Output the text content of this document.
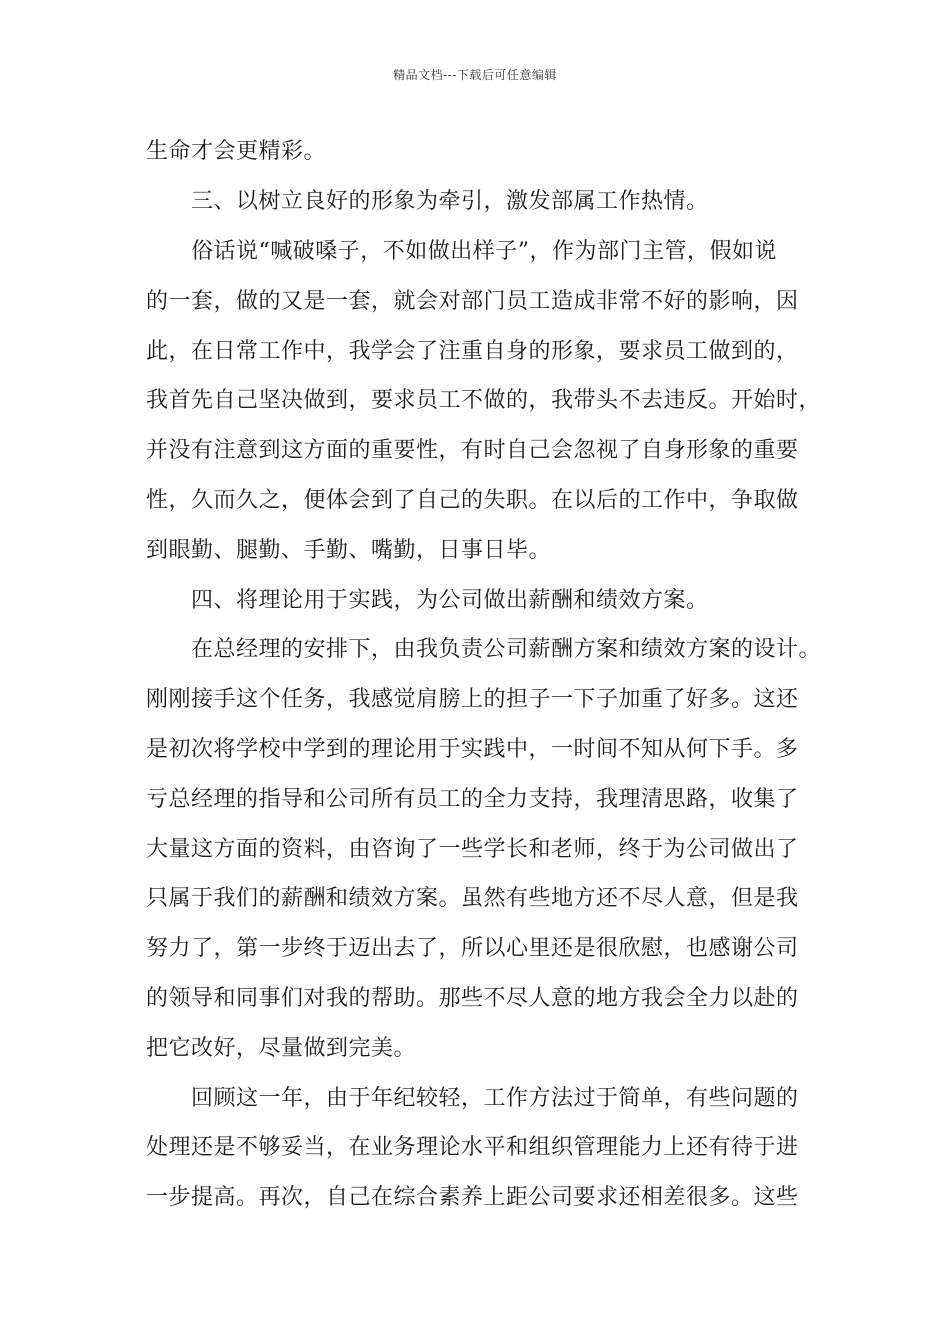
精品文档---下载后可任意编辑
生命才会更精彩。
　　三、以树立良好的形象为牵引，激发部属工作热情。
　　俗话说“喊破嗓子，不如做出样子”，作为部门主管，假如说
的一套，做的又是一套，就会对部门员工造成非常不好的影响，因
此，在日常工作中，我学会了注重自身的形象，要求员工做到的，
我首先自己坚决做到，要求员工不做的，我带头不去违反。开始时，
并没有注意到这方面的重要性，有时自己会忽视了自身形象的重要
性，久而久之，便体会到了自己的失职。在以后的工作中，争取做
到眼勤、腿勤、手勤、嘴勤，日事日毕。
　　四、将理论用于实践，为公司做出薪酬和绩效方案。
　　在总经理的安排下，由我负责公司薪酬方案和绩效方案的设计。
刚刚接手这个任务，我感觉肩膀上的担子一下子加重了好多。这还
是初次将学校中学到的理论用于实践中，一时间不知从何下手。多
亏总经理的指导和公司所有员工的全力支持，我理清思路，收集了
大量这方面的资料，由咨询了一些学长和老师，终于为公司做出了
只属于我们的薪酬和绩效方案。虽然有些地方还不尽人意，但是我
努力了，第一步终于迈出去了，所以心里还是很欣慰，也感谢公司
的领导和同事们对我的帮助。那些不尽人意的地方我会全力以赴的
把它改好，尽量做到完美。
　　回顾这一年，由于年纪较轻，工作方法过于简单，有些问题的
处理还是不够妥当，在业务理论水平和组织管理能力上还有待于进
一步提高。再次，自己在综合素养上距公司要求还相差很多。这些
